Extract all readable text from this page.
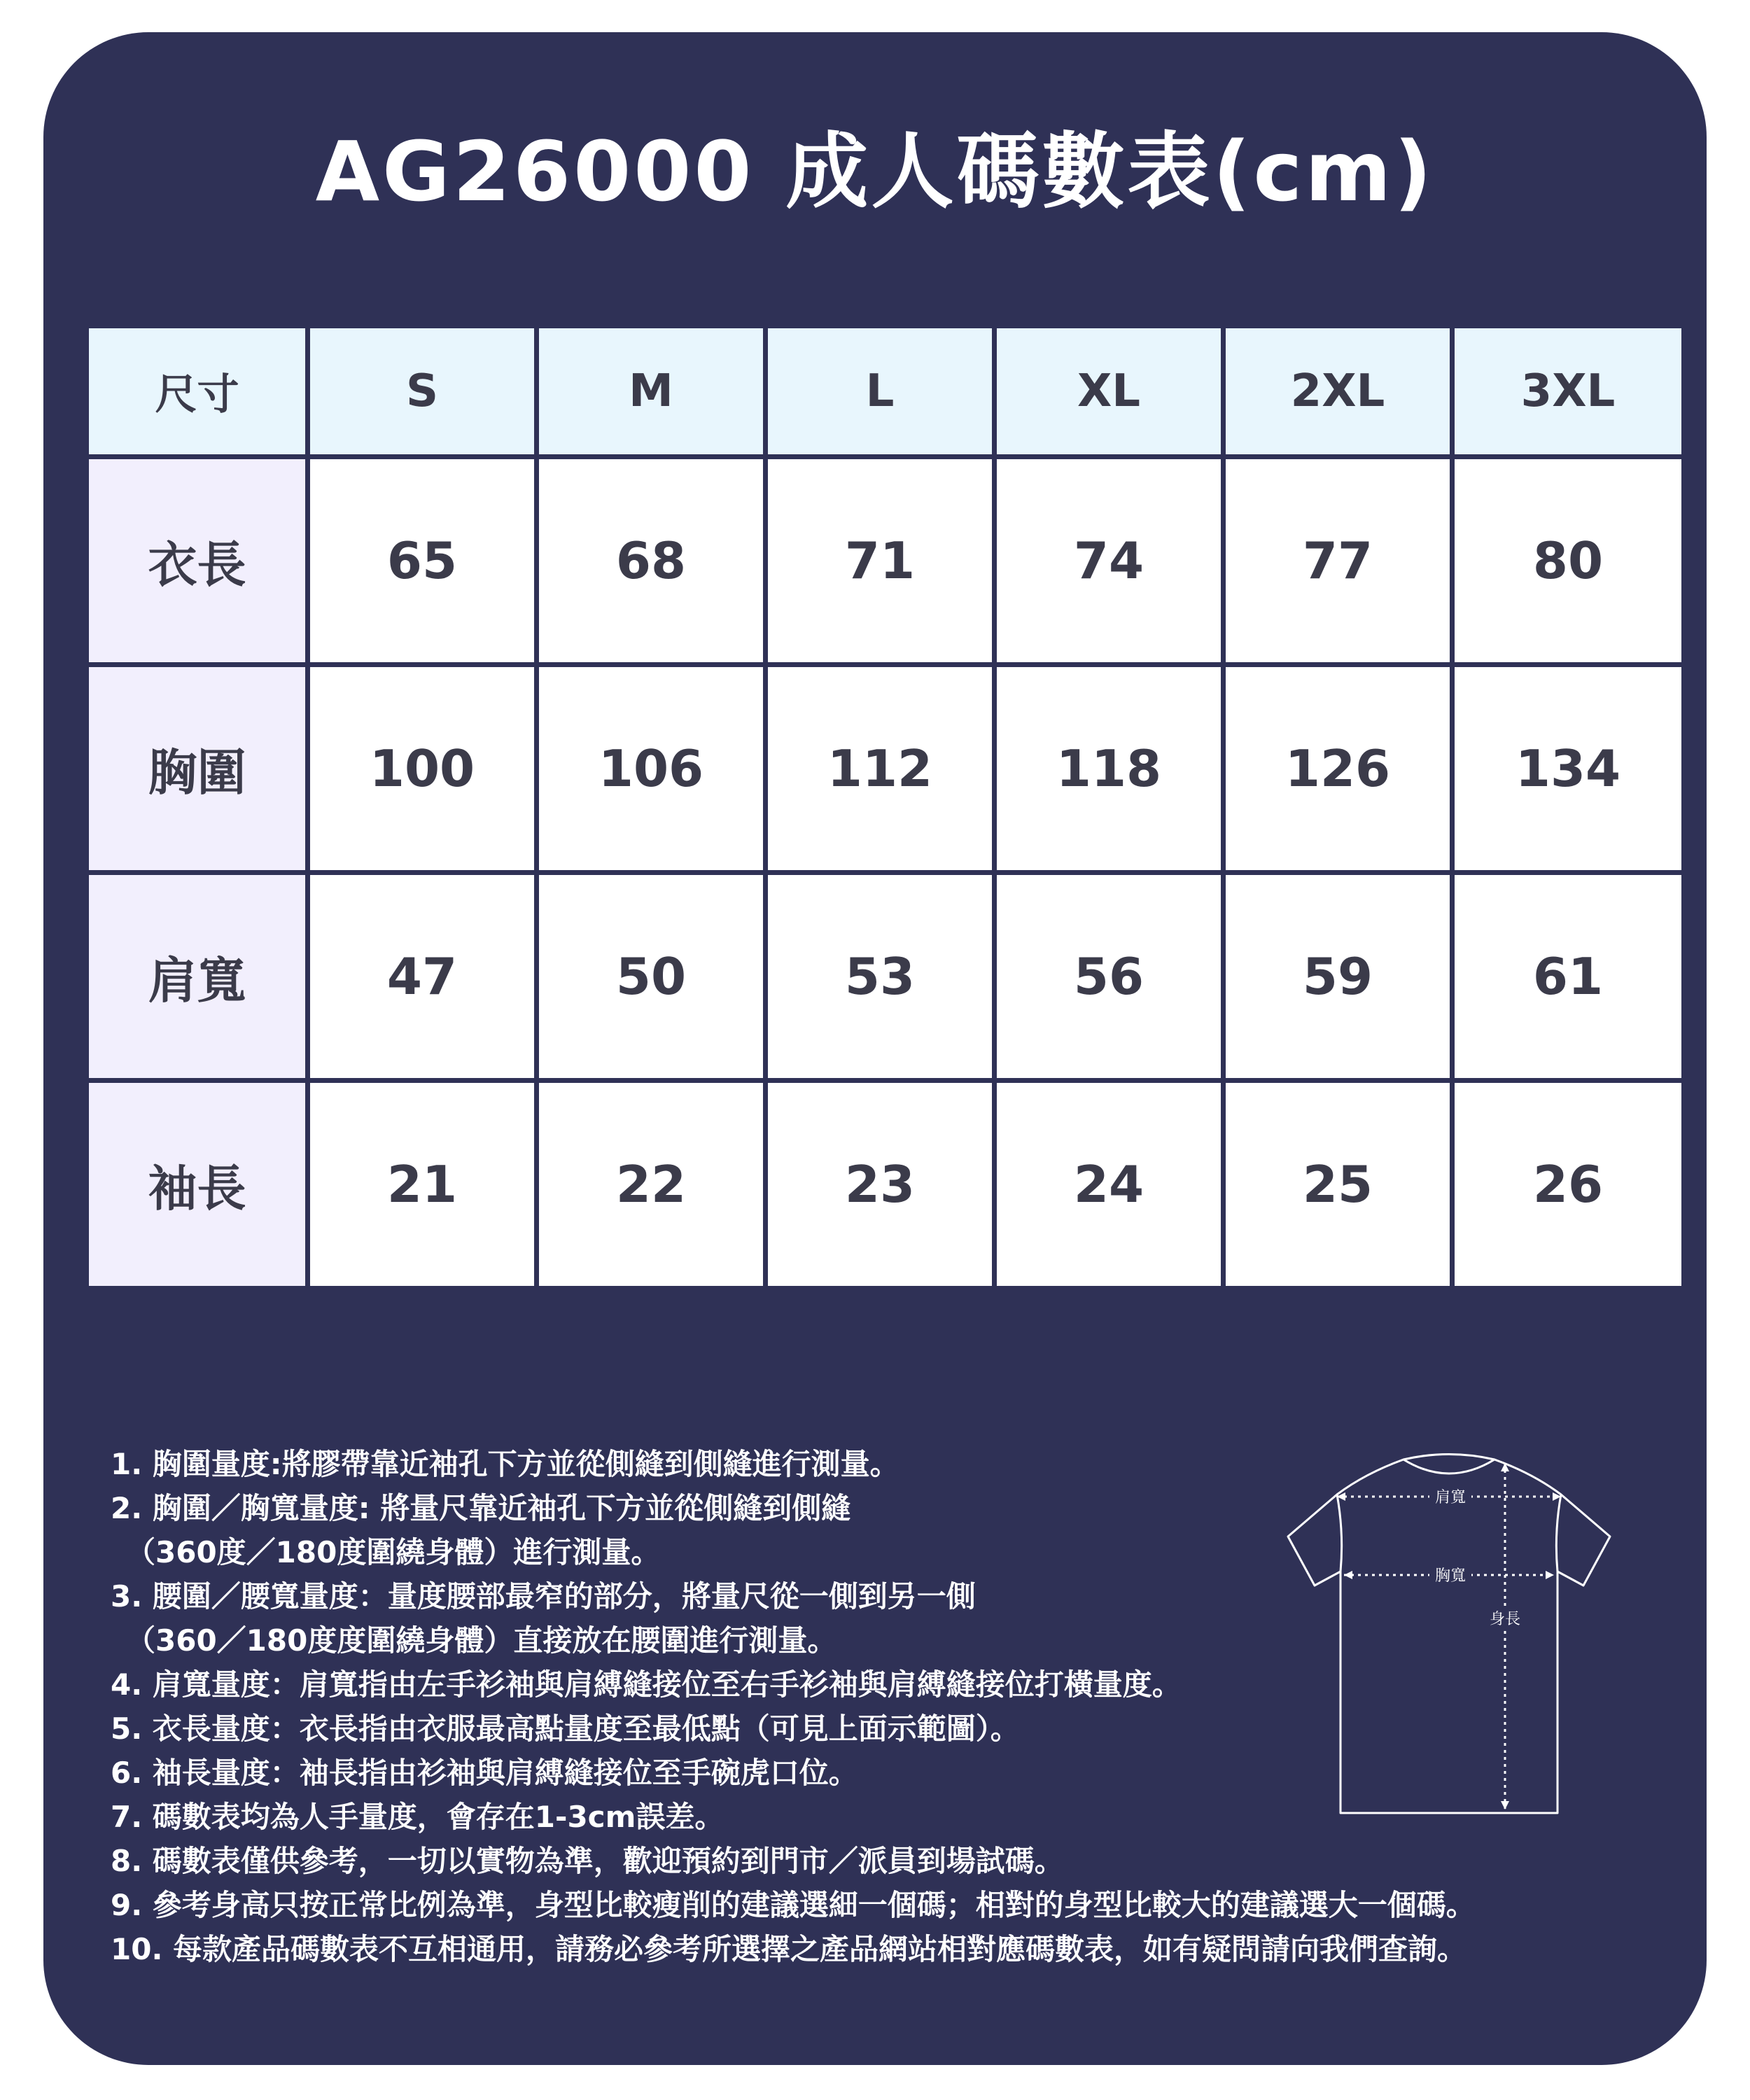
AG26000 成人碼數表(cm)
尺寸	S	M	L	XL	2XL	3XL
衣長	65	68	71	74	77	80
胸圍	100	106	112	118	126	134
肩寬	47	50	53	56	59	61
袖長	21	22	23	24	25	26
1. 胸圍量度:將膠帶靠近袖孔下方並從側縫到側縫進行測量。
2. 胸圍／胸寬量度: 將量尺靠近袖孔下方並從側縫到側縫
（360度／180度圍繞身體）進行測量。
3. 腰圍／腰寬量度：量度腰部最窄的部分，將量尺從一側到另一側
（360／180度度圍繞身體）直接放在腰圍進行測量。
4. 肩寬量度：肩寬指由左手衫袖與肩縛縫接位至右手衫袖與肩縛縫接位打橫量度。
5. 衣長量度：衣長指由衣服最高點量度至最低點（可見上面示範圖）。
6. 袖長量度：袖長指由衫袖與肩縛縫接位至手碗虎口位。
7. 碼數表均為人手量度，會存在1-3cm誤差。
8. 碼數表僅供參考，一切以實物為準，歡迎預約到門市／派員到場試碼。
9. 參考身高只按正常比例為準，身型比較瘦削的建議選細一個碼；相對的身型比較大的建議選大一個碼。
10. 每款產品碼數表不互相通用，請務必參考所選擇之產品網站相對應碼數表，如有疑問請向我們查詢。
肩寬
胸寬
身長
